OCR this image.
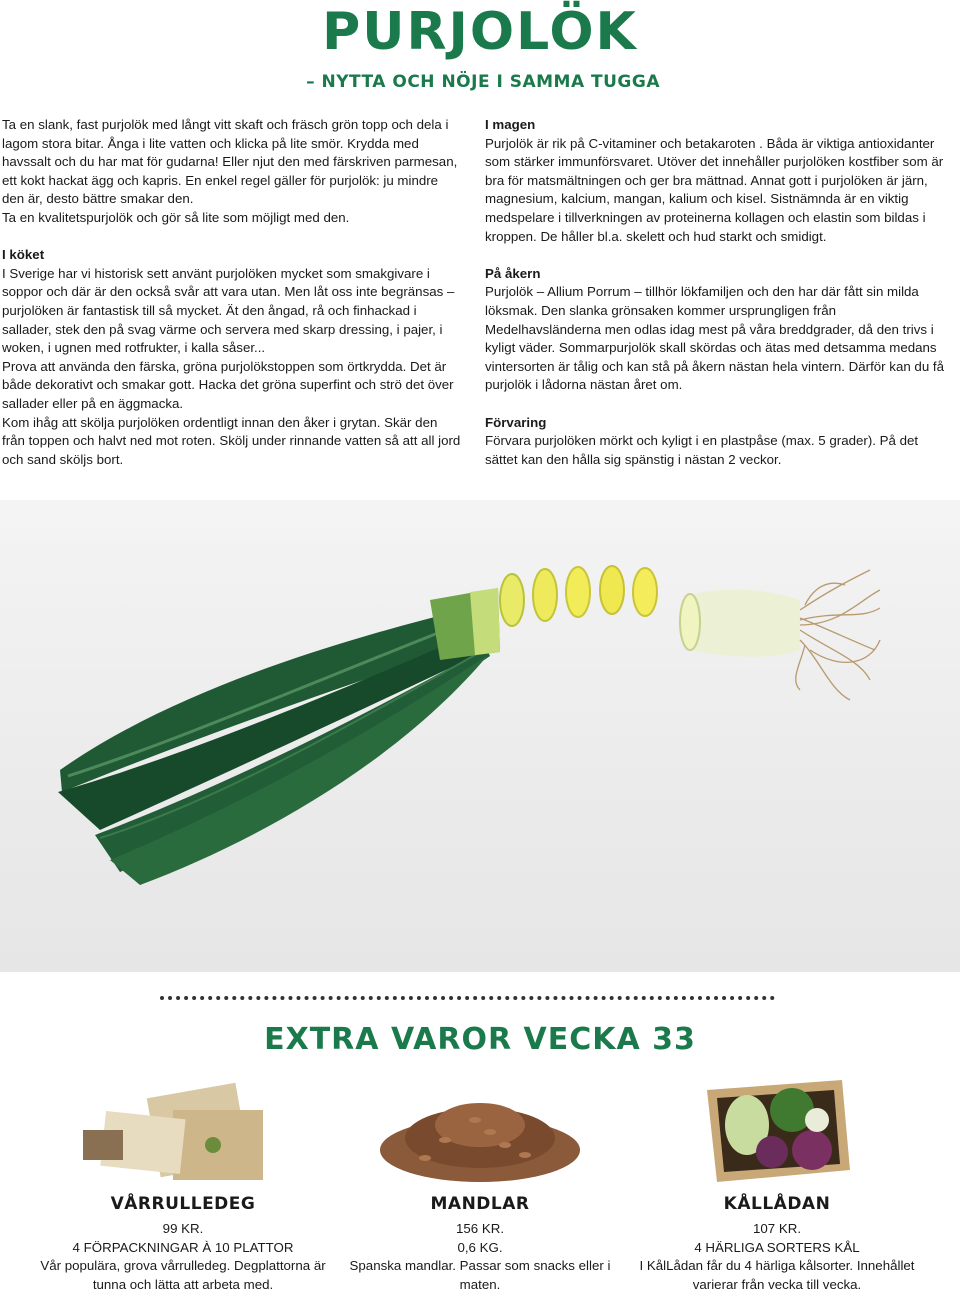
PURJOLÖK
– NYTTA OCH NÖJE I SAMMA TUGGA

Ta en slank, fast purjolök med långt vitt skaft och fräsch grön topp och dela i lagom stora bitar. Ånga i lite vatten och klicka på lite smör. Krydda med havssalt och du har mat för gudarna! Eller njut den med färskriven parmesan, ett kokt hackat ägg och kapris. En enkel regel gäller för purjolök: ju mindre den är, desto bättre smakar den.

Ta en kvalitetspurjolök och gör så lite som möjligt med den.

I köket

I Sverige har vi historisk sett använt purjolöken mycket som smakgivare i soppor och där är den också svår att vara utan. Men låt oss inte begränsas – purjolöken är fantastisk till så mycket. Ät den ångad, rå och finhackad i sallader, stek den på svag värme och servera med skarp dressing, i pajer, i woken, i ugnen med rotfrukter, i kalla såser...

Prova att använda den färska, gröna purjolökstoppen som örtkrydda. Det är både dekorativt och smakar gott. Hacka det gröna superfint och strö det över sallader eller på en äggmacka.

Kom ihåg att skölja purjolöken ordentligt innan den åker i grytan. Skär den från toppen och halvt ned mot roten. Skölj under rinnande vatten så att all jord och sand sköljs bort.

I magen

Purjolök är rik på C-vitaminer och betakaroten . Båda är viktiga antioxidanter som stärker immunförsvaret. Utöver det innehåller purjolöken kostfiber som är bra för matsmältningen och ger bra mättnad. Annat gott i purjolöken är järn, magnesium, kalcium, mangan, kalium och kisel. Sistnämnda är en viktig medspelare i tillverkningen av proteinerna kollagen och elastin som bildas i kroppen. De håller bl.a. skelett och hud starkt och smidigt.

På åkern

Purjolök – Allium Porrum – tillhör lökfamiljen och den har där fått sin milda löksmak. Den slanka grönsaken kommer ursprungligen från Medelhavsländerna men odlas idag mest på våra breddgrader, då den trivs i kyligt väder. Sommarpurjolök skall skördas och ätas med detsamma medans vintersorten är tålig och kan stå på åkern nästan hela vintern. Därför kan du få purjolök i lådorna nästan året om.

Förvaring

Förvara purjolöken mörkt och kyligt i en plastpåse (max. 5 grader). På det sättet kan den hålla sig spänstig i nästan 2 veckor.

EXTRA VAROR VECKA 33
VÅRRULLEDEG

99 KR.

4 FÖRPACKNINGAR À 10 PLATTOR

Vår populära, grova vårrulledeg. Degplattorna är tunna och lätta att arbeta med.

MANDLAR

156 KR.

0,6 KG.

Spanska mandlar. Passar som snacks eller i maten.

KÅLLÅDAN

107 KR.

4 HÄRLIGA SORTERS KÅL

I KålLådan får du 4 härliga kålsorter. Innehållet varierar från vecka till vecka.
